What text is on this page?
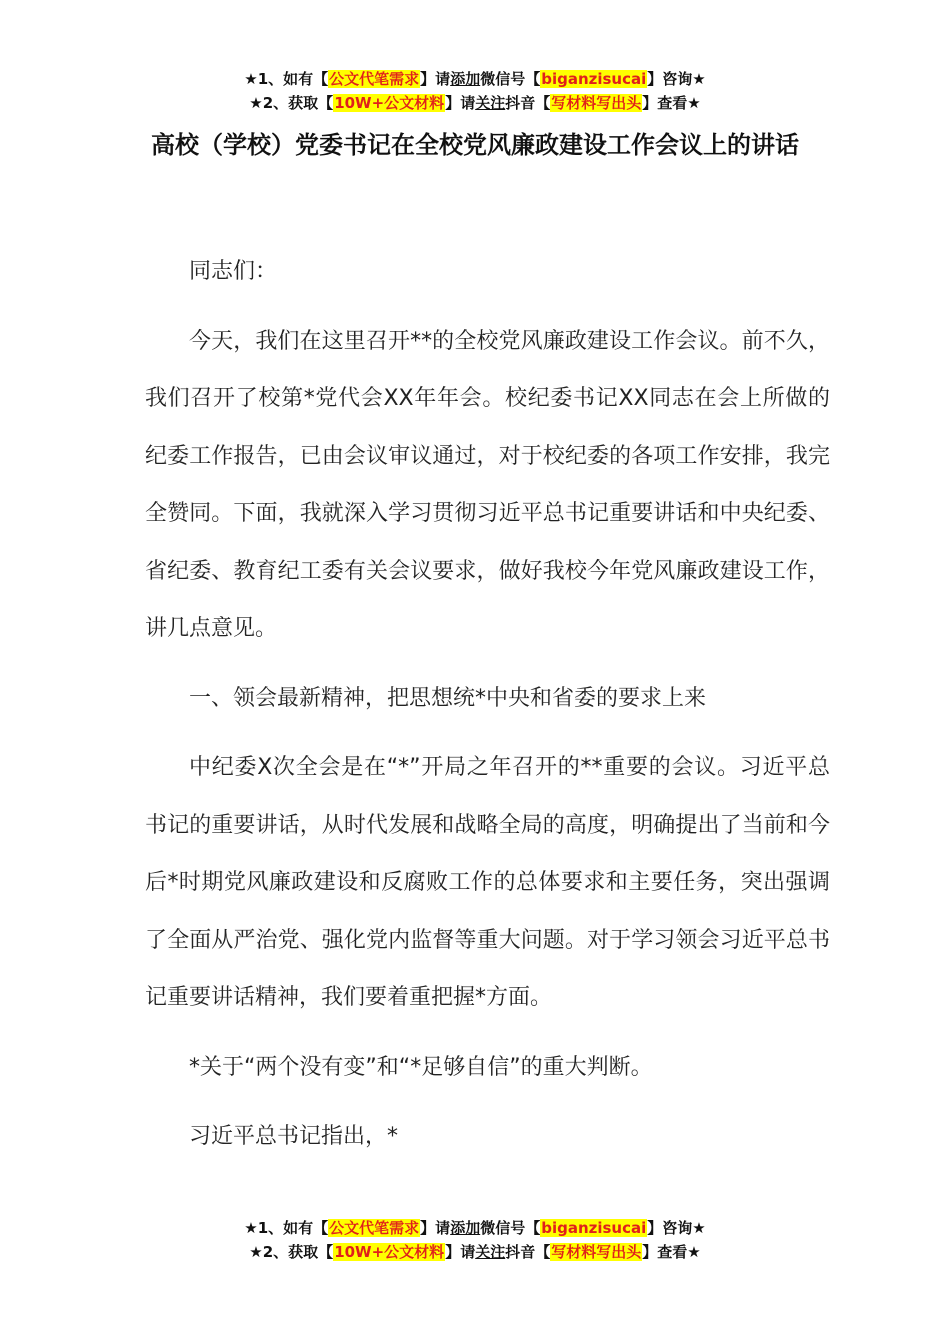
★1、如有【公文代笔需求】请添加微信号【biganzisucai】咨询★
★2、获取【10W+公文材料】请关注抖音【写材料写出头】查看★
高校（学校）党委书记在全校党风廉政建设工作会议上的讲话

同志们：

今天，我们在这里召开**的全校党风廉政建设工作会议。前不久，我们召开了校第*党代会XX年年会。校纪委书记XX同志在会上所做的纪委工作报告，已由会议审议通过，对于校纪委的各项工作安排，我完全赞同。下面，我就深入学习贯彻习近平总书记重要讲话和中央纪委、省纪委、教育纪工委有关会议要求，做好我校今年党风廉政建设工作，讲几点意见。

一、领会最新精神，把思想统*中央和省委的要求上来

中纪委X次全会是在“*”开局之年召开的**重要的会议。习近平总书记的重要讲话，从时代发展和战略全局的高度，明确提出了当前和今后*时期党风廉政建设和反腐败工作的总体要求和主要任务，突出强调了全面从严治党、强化党内监督等重大问题。对于学习领会习近平总书记重要讲话精神，我们要着重把握*方面。

*关于“两个没有变”和“*足够自信”的重大判断。

习近平总书记指出，*

★1、如有【公文代笔需求】请添加微信号【biganzisucai】咨询★
★2、获取【10W+公文材料】请关注抖音【写材料写出头】查看★
